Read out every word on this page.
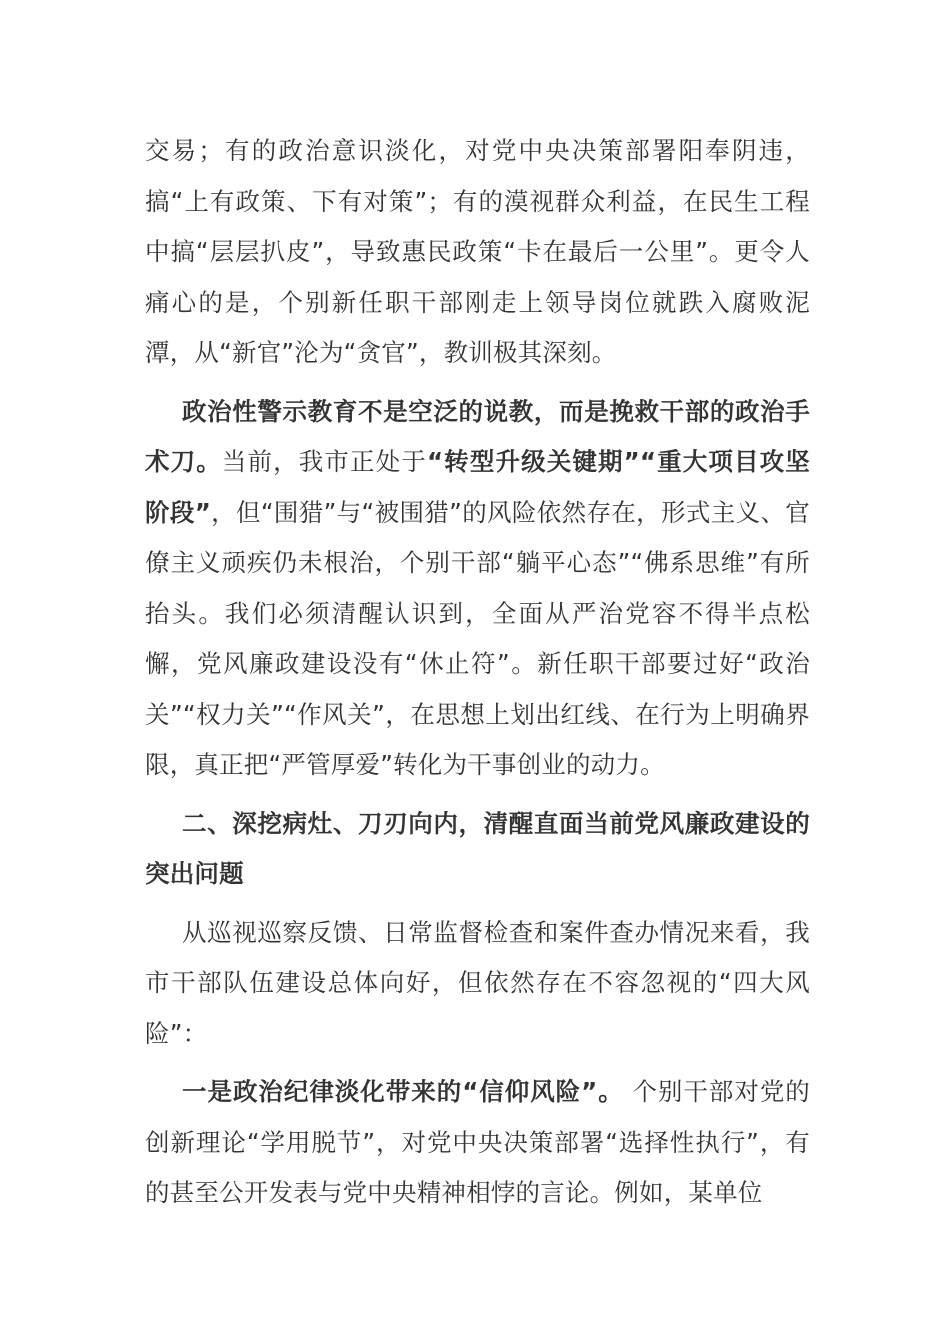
交易；有的政治意识淡化，对党中央决策部署阳奉阴违，搞“上有政策、下有对策”；有的漠视群众利益，在民生工程中搞“层层扒皮”，导致惠民政策“卡在最后一公里”。更令人痛心的是，个别新任职干部刚走上领导岗位就跌入腐败泥潭，从“新官”沦为“贪官”，教训极其深刻。

政治性警示教育不是空泛的说教，而是挽救干部的政治手术刀。当前，我市正处于“转型升级关键期”“重大项目攻坚阶段”，但“围猎”与“被围猎”的风险依然存在，形式主义、官僚主义顽疾仍未根治，个别干部“躺平心态”“佛系思维”有所抬头。我们必须清醒认识到，全面从严治党容不得半点松懈，党风廉政建设没有“休止符”。新任职干部要过好“政治关”“权力关”“作风关”，在思想上划出红线、在行为上明确界限，真正把“严管厚爱”转化为干事创业的动力。

二、深挖病灶、刀刃向内，清醒直面当前党风廉政建设的突出问题

从巡视巡察反馈、日常监督检查和案件查办情况来看，我市干部队伍建设总体向好，但依然存在不容忽视的“四大风险”：

一是政治纪律淡化带来的“信仰风险”。 个别干部对党的创新理论“学用脱节”，对党中央决策部署“选择性执行”，有的甚至公开发表与党中央精神相悖的言论。例如，某单位
